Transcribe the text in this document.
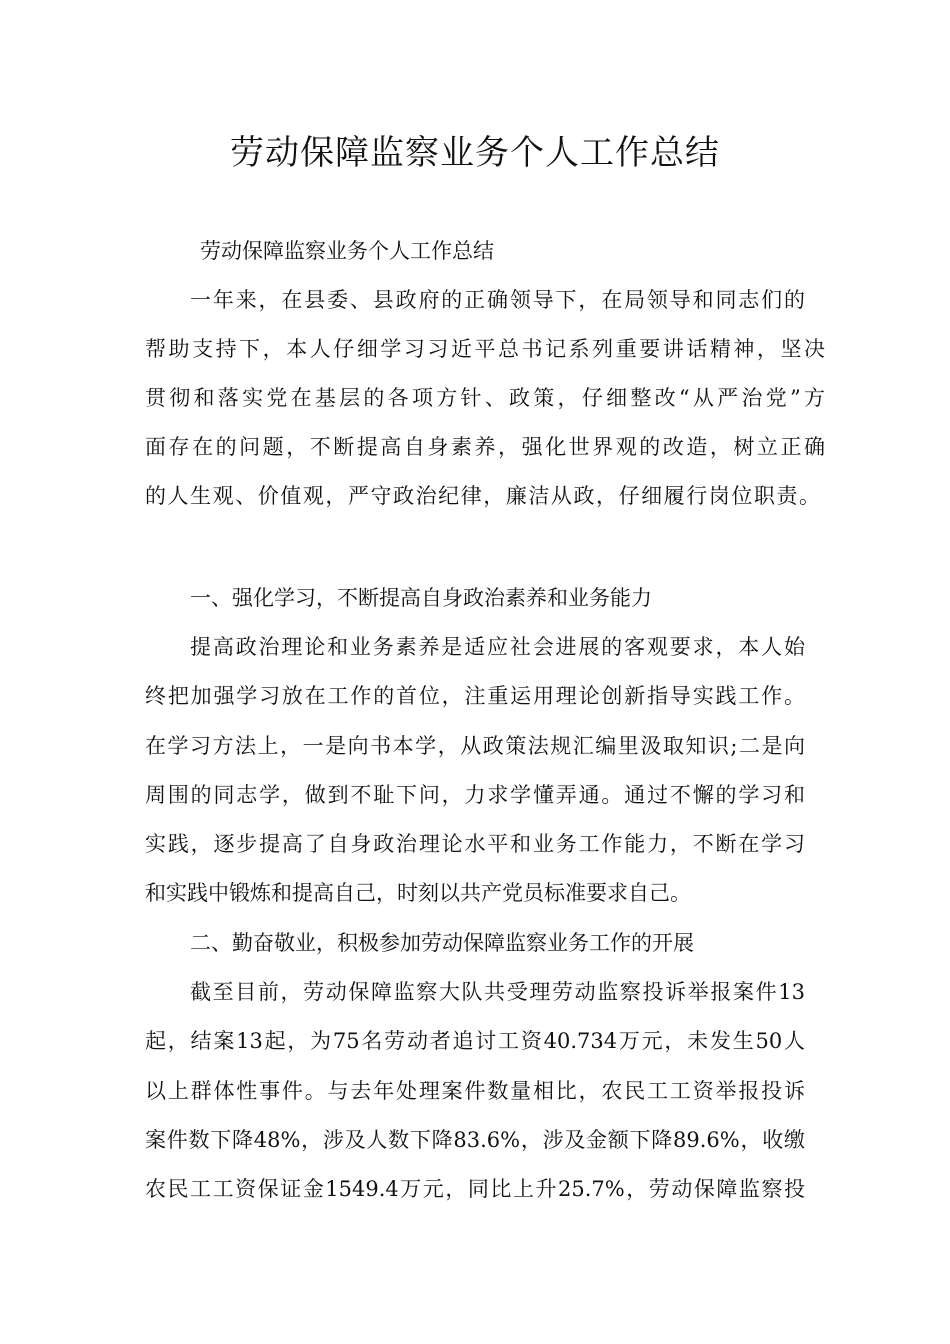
劳动保障监察业务个人工作总结
劳动保障监察业务个人工作总结
一年来，在县委、县政府的正确领导下，在局领导和同志们的
帮助支持下，本人仔细学习习近平总书记系列重要讲话精神，坚决
贯彻和落实党在基层的各项方针、政策，仔细整改“从严治党”方
面存在的问题，不断提高自身素养，强化世界观的改造，树立正确
的人生观、价值观，严守政治纪律，廉洁从政，仔细履行岗位职责。
一、强化学习，不断提高自身政治素养和业务能力
提高政治理论和业务素养是适应社会进展的客观要求，本人始
终把加强学习放在工作的首位，注重运用理论创新指导实践工作。
在学习方法上，一是向书本学，从政策法规汇编里汲取知识;二是向
周围的同志学，做到不耻下问，力求学懂弄通。通过不懈的学习和
实践，逐步提高了自身政治理论水平和业务工作能力，不断在学习
和实践中锻炼和提高自己，时刻以共产党员标准要求自己。
二、勤奋敬业，积极参加劳动保障监察业务工作的开展
截至目前，劳动保障监察大队共受理劳动监察投诉举报案件13
起，结案13起，为75名劳动者追讨工资40.734万元，未发生50人
以上群体性事件。与去年处理案件数量相比，农民工工资举报投诉
案件数下降48%，涉及人数下降83.6%，涉及金额下降89.6%，收缴
农民工工资保证金1549.4万元，同比上升25.7%，劳动保障监察投
